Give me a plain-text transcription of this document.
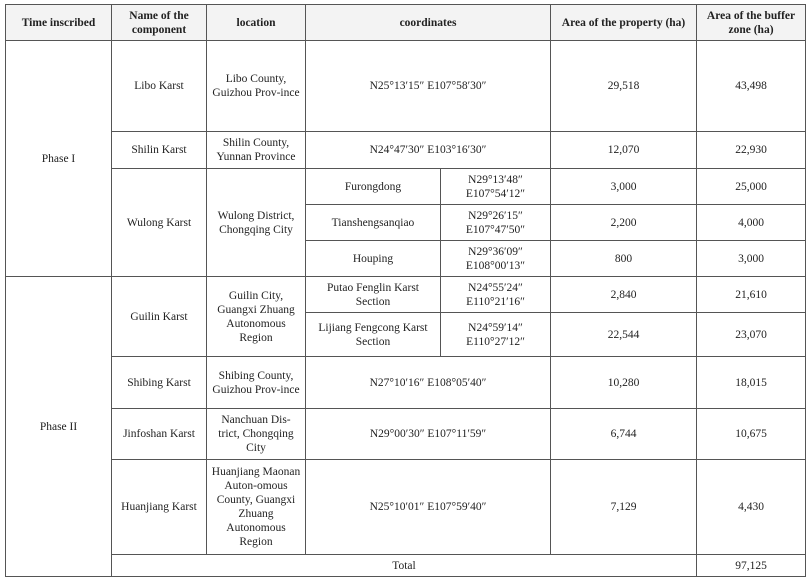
Time inscribed	Name of the component	location	coordinates		Area of the property (ha)	Area of the buffer zone (ha)	
Phase I	Libo Karst	Libo County, Guizhou Prov-ince	N25°13′15″ E107°58′30″		29,518	43,498	
	Shilin Karst	Shilin County, Yunnan Province	N24°47′30″ E103°16′30″		12,070	22,930	
	Wulong Karst	Wulong District, Chongqing City	Furongdong	N29°13′48″ E107°54′12″	3,000	25,000	
			Tianshengsanqiao	N29°26′15″ E107°47′50″	2,200	4,000	
			Houping	N29°36′09″ E108°00′13″	800	3,000	
Phase II	Guilin Karst	Guilin City, Guangxi Zhuang Autonomous Region	Putao Fenglin Karst Section	N24°55′24″ E110°21′16″	2,840	21,610	
			Lijiang Fengcong Karst Section	N24°59′14″ E110°27′12″	22,544	23,070	
	Shibing Karst	Shibing County, Guizhou Prov-ince	N27°10′16″ E108°05′40″		10,280	18,015	
	Jinfoshan Karst	Nanchuan Dis-trict, Chongqing City	N29°00′30″ E107°11′59″		6,744	10,675	
	Huanjiang Karst	Huanjiang Maonan Auton-omous County, Guangxi Zhuang Autonomous Region	N25°10′01″ E107°59′40″		7,129	4,430	
	Total					97,125	
